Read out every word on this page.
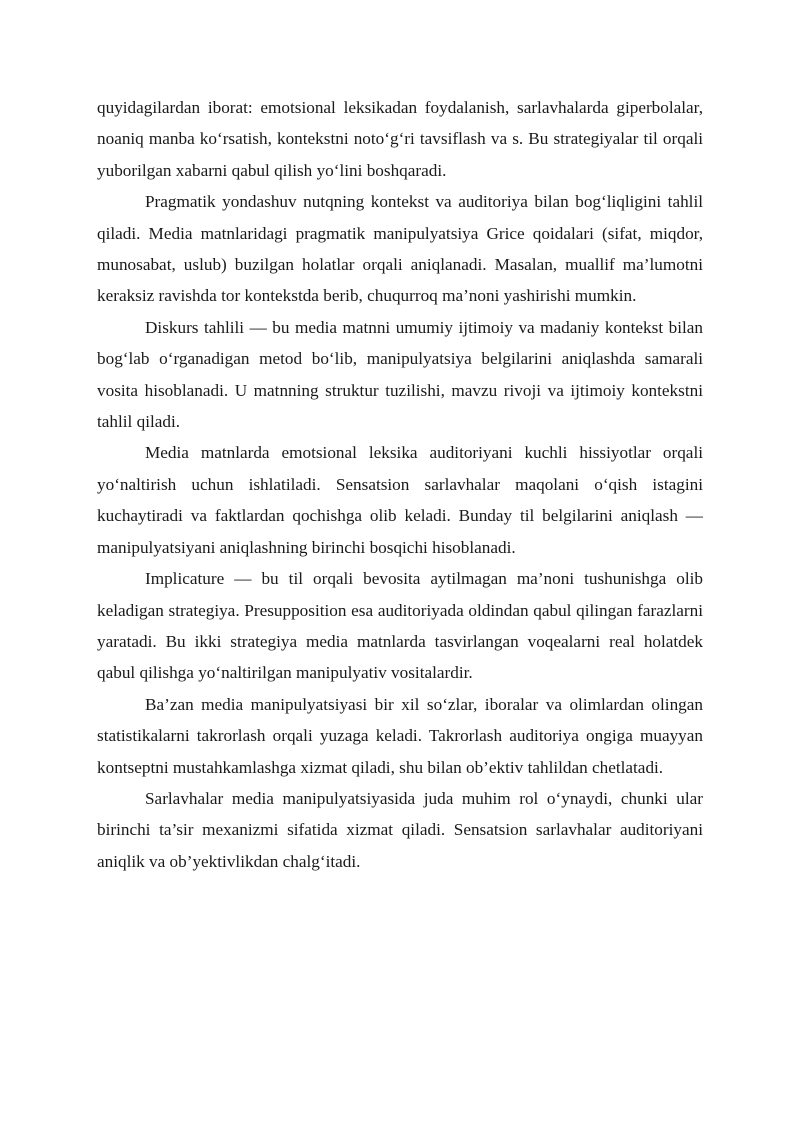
quyidagilardan iborat: emotsional leksikadan foydalanish, sarlavhalarda giperbolalar, noaniq manba ko‘rsatish, kontekstni noto‘g‘ri tavsiflash va s. Bu strategiyalar til orqali yuborilgan xabarni qabul qilish yo‘lini boshqaradi.

Pragmatik yondashuv nutqning kontekst va auditoriya bilan bog‘liqligini tahlil qiladi. Media matnlaridagi pragmatik manipulyatsiya Grice qoidalari (sifat, miqdor, munosabat, uslub) buzilgan holatlar orqali aniqlanadi. Masalan, muallif ma’lumotni keraksiz ravishda tor kontekstda berib, chuqurroq ma’noni yashirishi mumkin.

Diskurs tahlili — bu media matnni umumiy ijtimoiy va madaniy kontekst bilan bog‘lab o‘rganadigan metod bo‘lib, manipulyatsiya belgilarini aniqlashda samarali vosita hisoblanadi. U matnning struktur tuzilishi, mavzu rivoji va ijtimoiy kontekstni tahlil qiladi.

Media matnlarda emotsional leksika auditoriyani kuchli hissiyotlar orqali yo‘naltirish uchun ishlatiladi. Sensatsion sarlavhalar maqolani o‘qish istagini kuchaytiradi va faktlardan qochishga olib keladi. Bunday til belgilarini aniqlash — manipulyatsiyani aniqlashning birinchi bosqichi hisoblanadi.

Implicature — bu til orqali bevosita aytilmagan ma’noni tushunishga olib keladigan strategiya. Presupposition esa auditoriyada oldindan qabul qilingan farazlarni yaratadi. Bu ikki strategiya media matnlarda tasvirlangan voqealarni real holatdek qabul qilishga yo‘naltirilgan manipulyativ vositalardir.

Ba’zan media manipulyatsiyasi bir xil so‘zlar, iboralar va olimlardan olingan statistikalarni takrorlash orqali yuzaga keladi. Takrorlash auditoriya ongiga muayyan kontseptni mustahkamlashga xizmat qiladi, shu bilan ob’ektiv tahlildan chetlatadi.

Sarlavhalar media manipulyatsiyasida juda muhim rol o‘ynaydi, chunki ular birinchi ta’sir mexanizmi sifatida xizmat qiladi. Sensatsion sarlavhalar auditoriyani aniqlik va ob’yektivlikdan chalg‘itadi.
